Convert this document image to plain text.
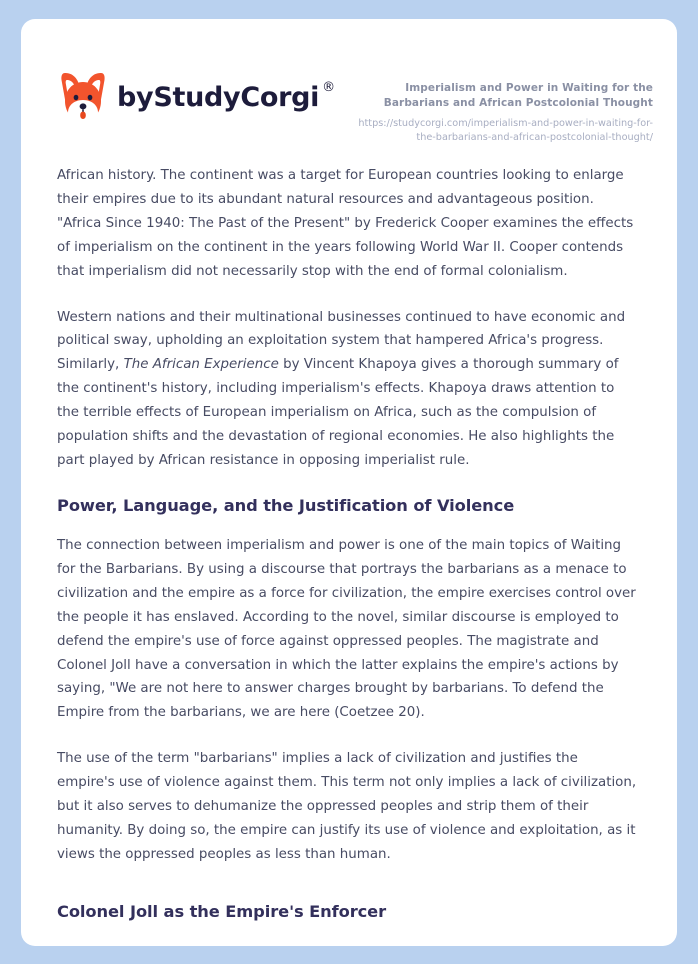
by StudyCorgi ®	Imperialism and Power in Waiting for the Barbarians and African Postcolonial Thought
https://studycorgi.com/imperialism-and-power-in-waiting-for-the-barbarians-and-african-postcolonial-thought/

African history. The continent was a target for European countries looking to enlarge their empires due to its abundant natural resources and advantageous position. "Africa Since 1940: The Past of the Present" by Frederick Cooper examines the effects of imperialism on the continent in the years following World War II. Cooper contends that imperialism did not necessarily stop with the end of formal colonialism.

Western nations and their multinational businesses continued to have economic and political sway, upholding an exploitation system that hampered Africa's progress. Similarly, The African Experience by Vincent Khapoya gives a thorough summary of the continent's history, including imperialism's effects. Khapoya draws attention to the terrible effects of European imperialism on Africa, such as the compulsion of population shifts and the devastation of regional economies. He also highlights the part played by African resistance in opposing imperialist rule.

Power, Language, and the Justification of Violence

The connection between imperialism and power is one of the main topics of Waiting for the Barbarians. By using a discourse that portrays the barbarians as a menace to civilization and the empire as a force for civilization, the empire exercises control over the people it has enslaved. According to the novel, similar discourse is employed to defend the empire's use of force against oppressed peoples. The magistrate and Colonel Joll have a conversation in which the latter explains the empire's actions by saying, "We are not here to answer charges brought by barbarians. To defend the Empire from the barbarians, we are here (Coetzee 20).

The use of the term "barbarians" implies a lack of civilization and justifies the empire's use of violence against them. This term not only implies a lack of civilization, but it also serves to dehumanize the oppressed peoples and strip them of their humanity. By doing so, the empire can justify its use of violence and exploitation, as it views the oppressed peoples as less than human.

Colonel Joll as the Empire's Enforcer
